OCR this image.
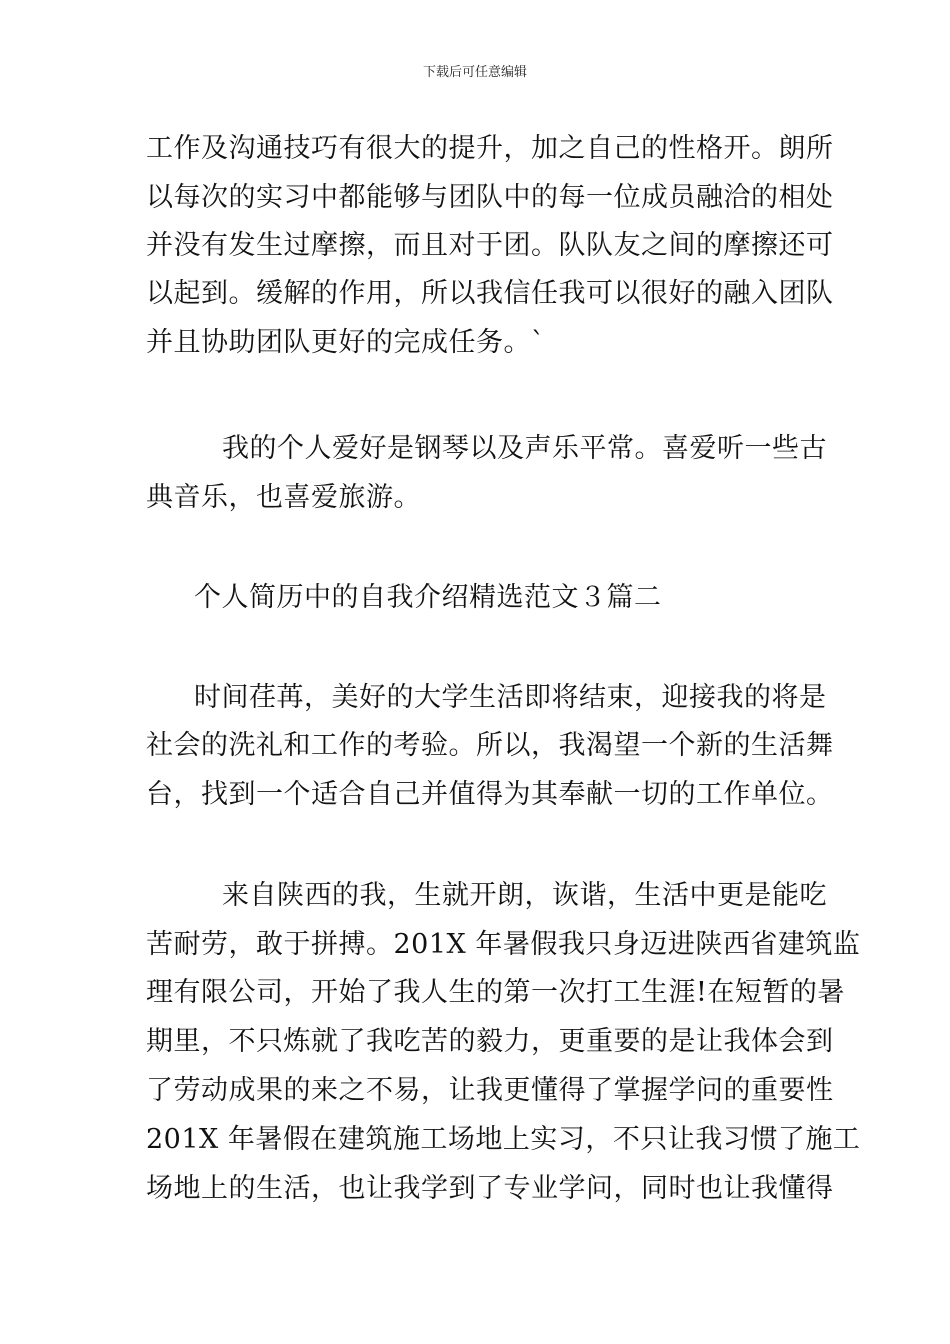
下载后可任意编辑
工作及沟通技巧有很大的提升，加之自己的性格开。朗所
以每次的实习中都能够与团队中的每一位成员融洽的相处
并没有发生过摩擦，而且对于团。队队友之间的摩擦还可
以起到。缓解的作用，所以我信任我可以很好的融入团队
并且协助团队更好的完成任务。`
我的个人爱好是钢琴以及声乐平常。喜爱听一些古
典音乐，也喜爱旅游。
个人简历中的自我介绍精选范文３篇二
时间荏苒，美好的大学生活即将结束，迎接我的将是
社会的洗礼和工作的考验。所以，我渴望一个新的生活舞
台，找到一个适合自己并值得为其奉献一切的工作单位。
来自陕西的我，生就开朗，诙谐，生活中更是能吃
苦耐劳，敢于拼搏。201X 年暑假我只身迈进陕西省建筑监
理有限公司，开始了我人生的第一次打工生涯!在短暂的暑
期里，不只炼就了我吃苦的毅力，更重要的是让我体会到
了劳动成果的来之不易，让我更懂得了掌握学问的重要性
201X 年暑假在建筑施工场地上实习，不只让我习惯了施工
场地上的生活，也让我学到了专业学问，同时也让我懂得
